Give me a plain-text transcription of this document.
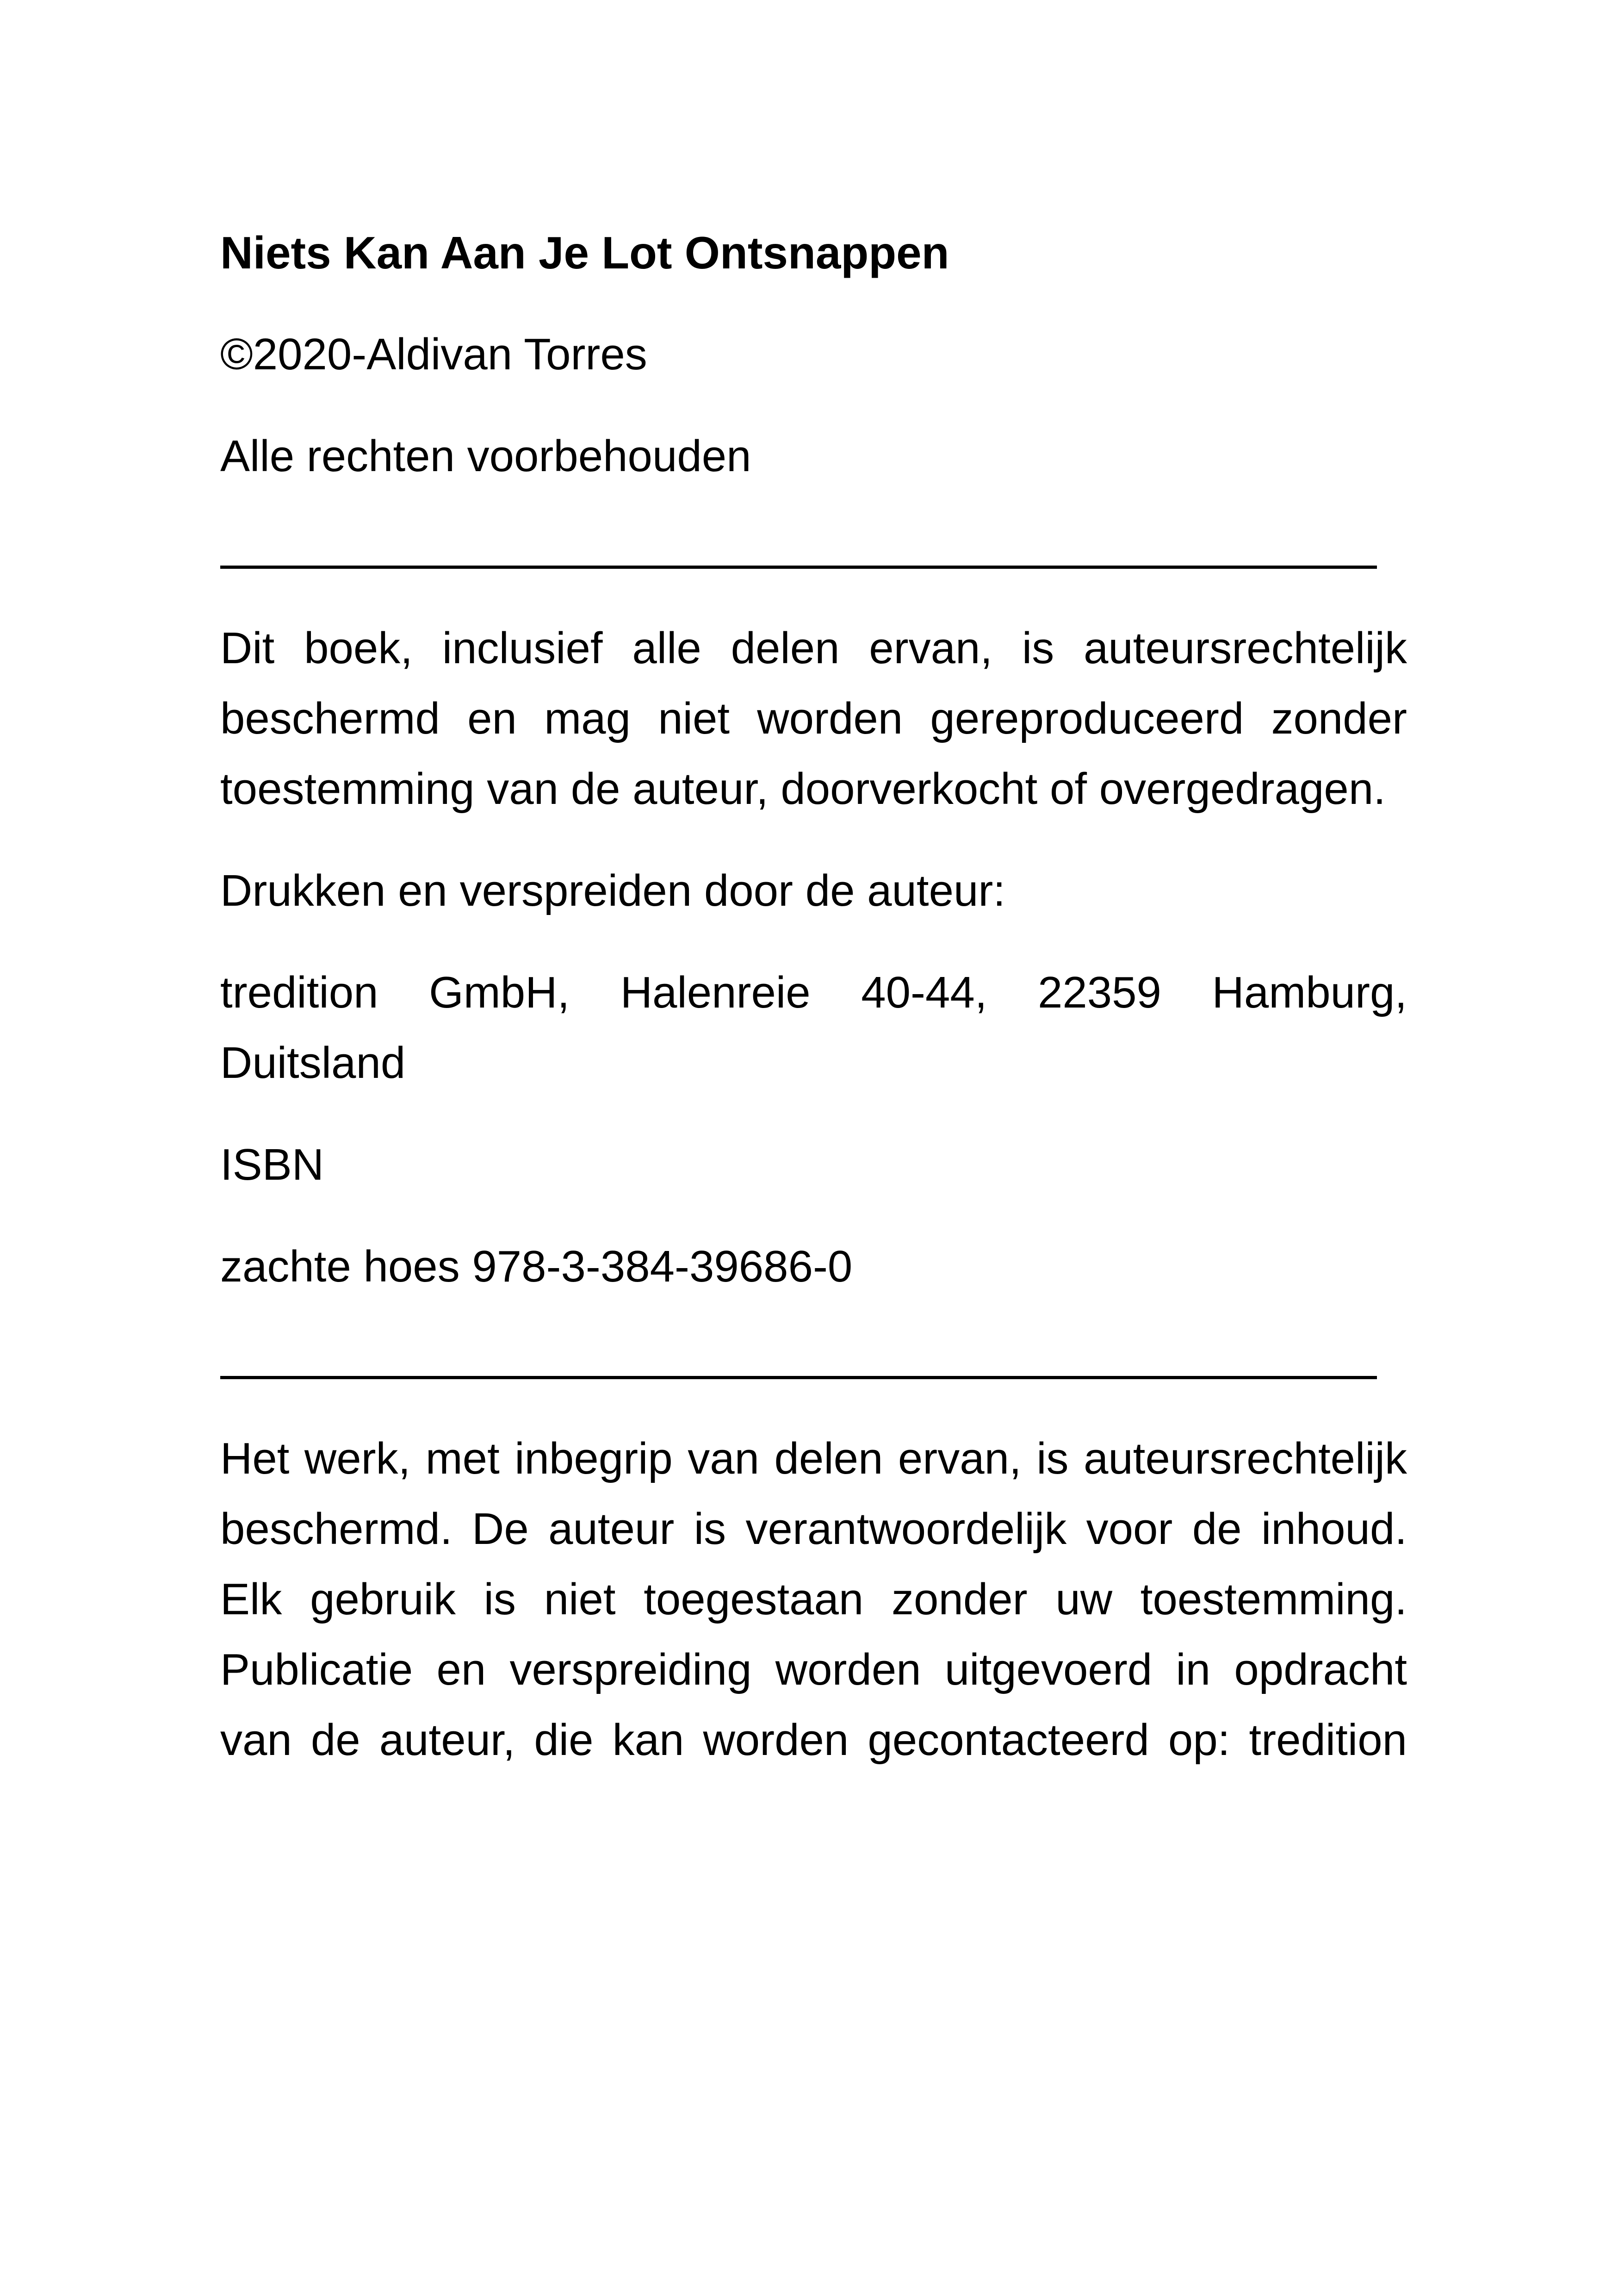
Niets Kan Aan Je Lot Ontsnappen

©2020-Aldivan Torres

Alle rechten voorbehouden

Dit boek, inclusief alle delen ervan, is auteursrechtelijk beschermd en mag niet worden gereproduceerd zonder toestemming van de auteur, doorverkocht of overgedragen.

Drukken en verspreiden door de auteur:

tredition GmbH, Halenreie 40-44, 22359 Hamburg, Duitsland

ISBN

zachte hoes 978-3-384-39686-0

Het werk, met inbegrip van delen ervan, is auteursrechtelijk beschermd. De auteur is verantwoordelijk voor de inhoud. Elk gebruik is niet toegestaan zonder uw toestemming. Publicatie en verspreiding worden uitgevoerd in opdracht van de auteur, die kan worden gecontacteerd op: tredition
